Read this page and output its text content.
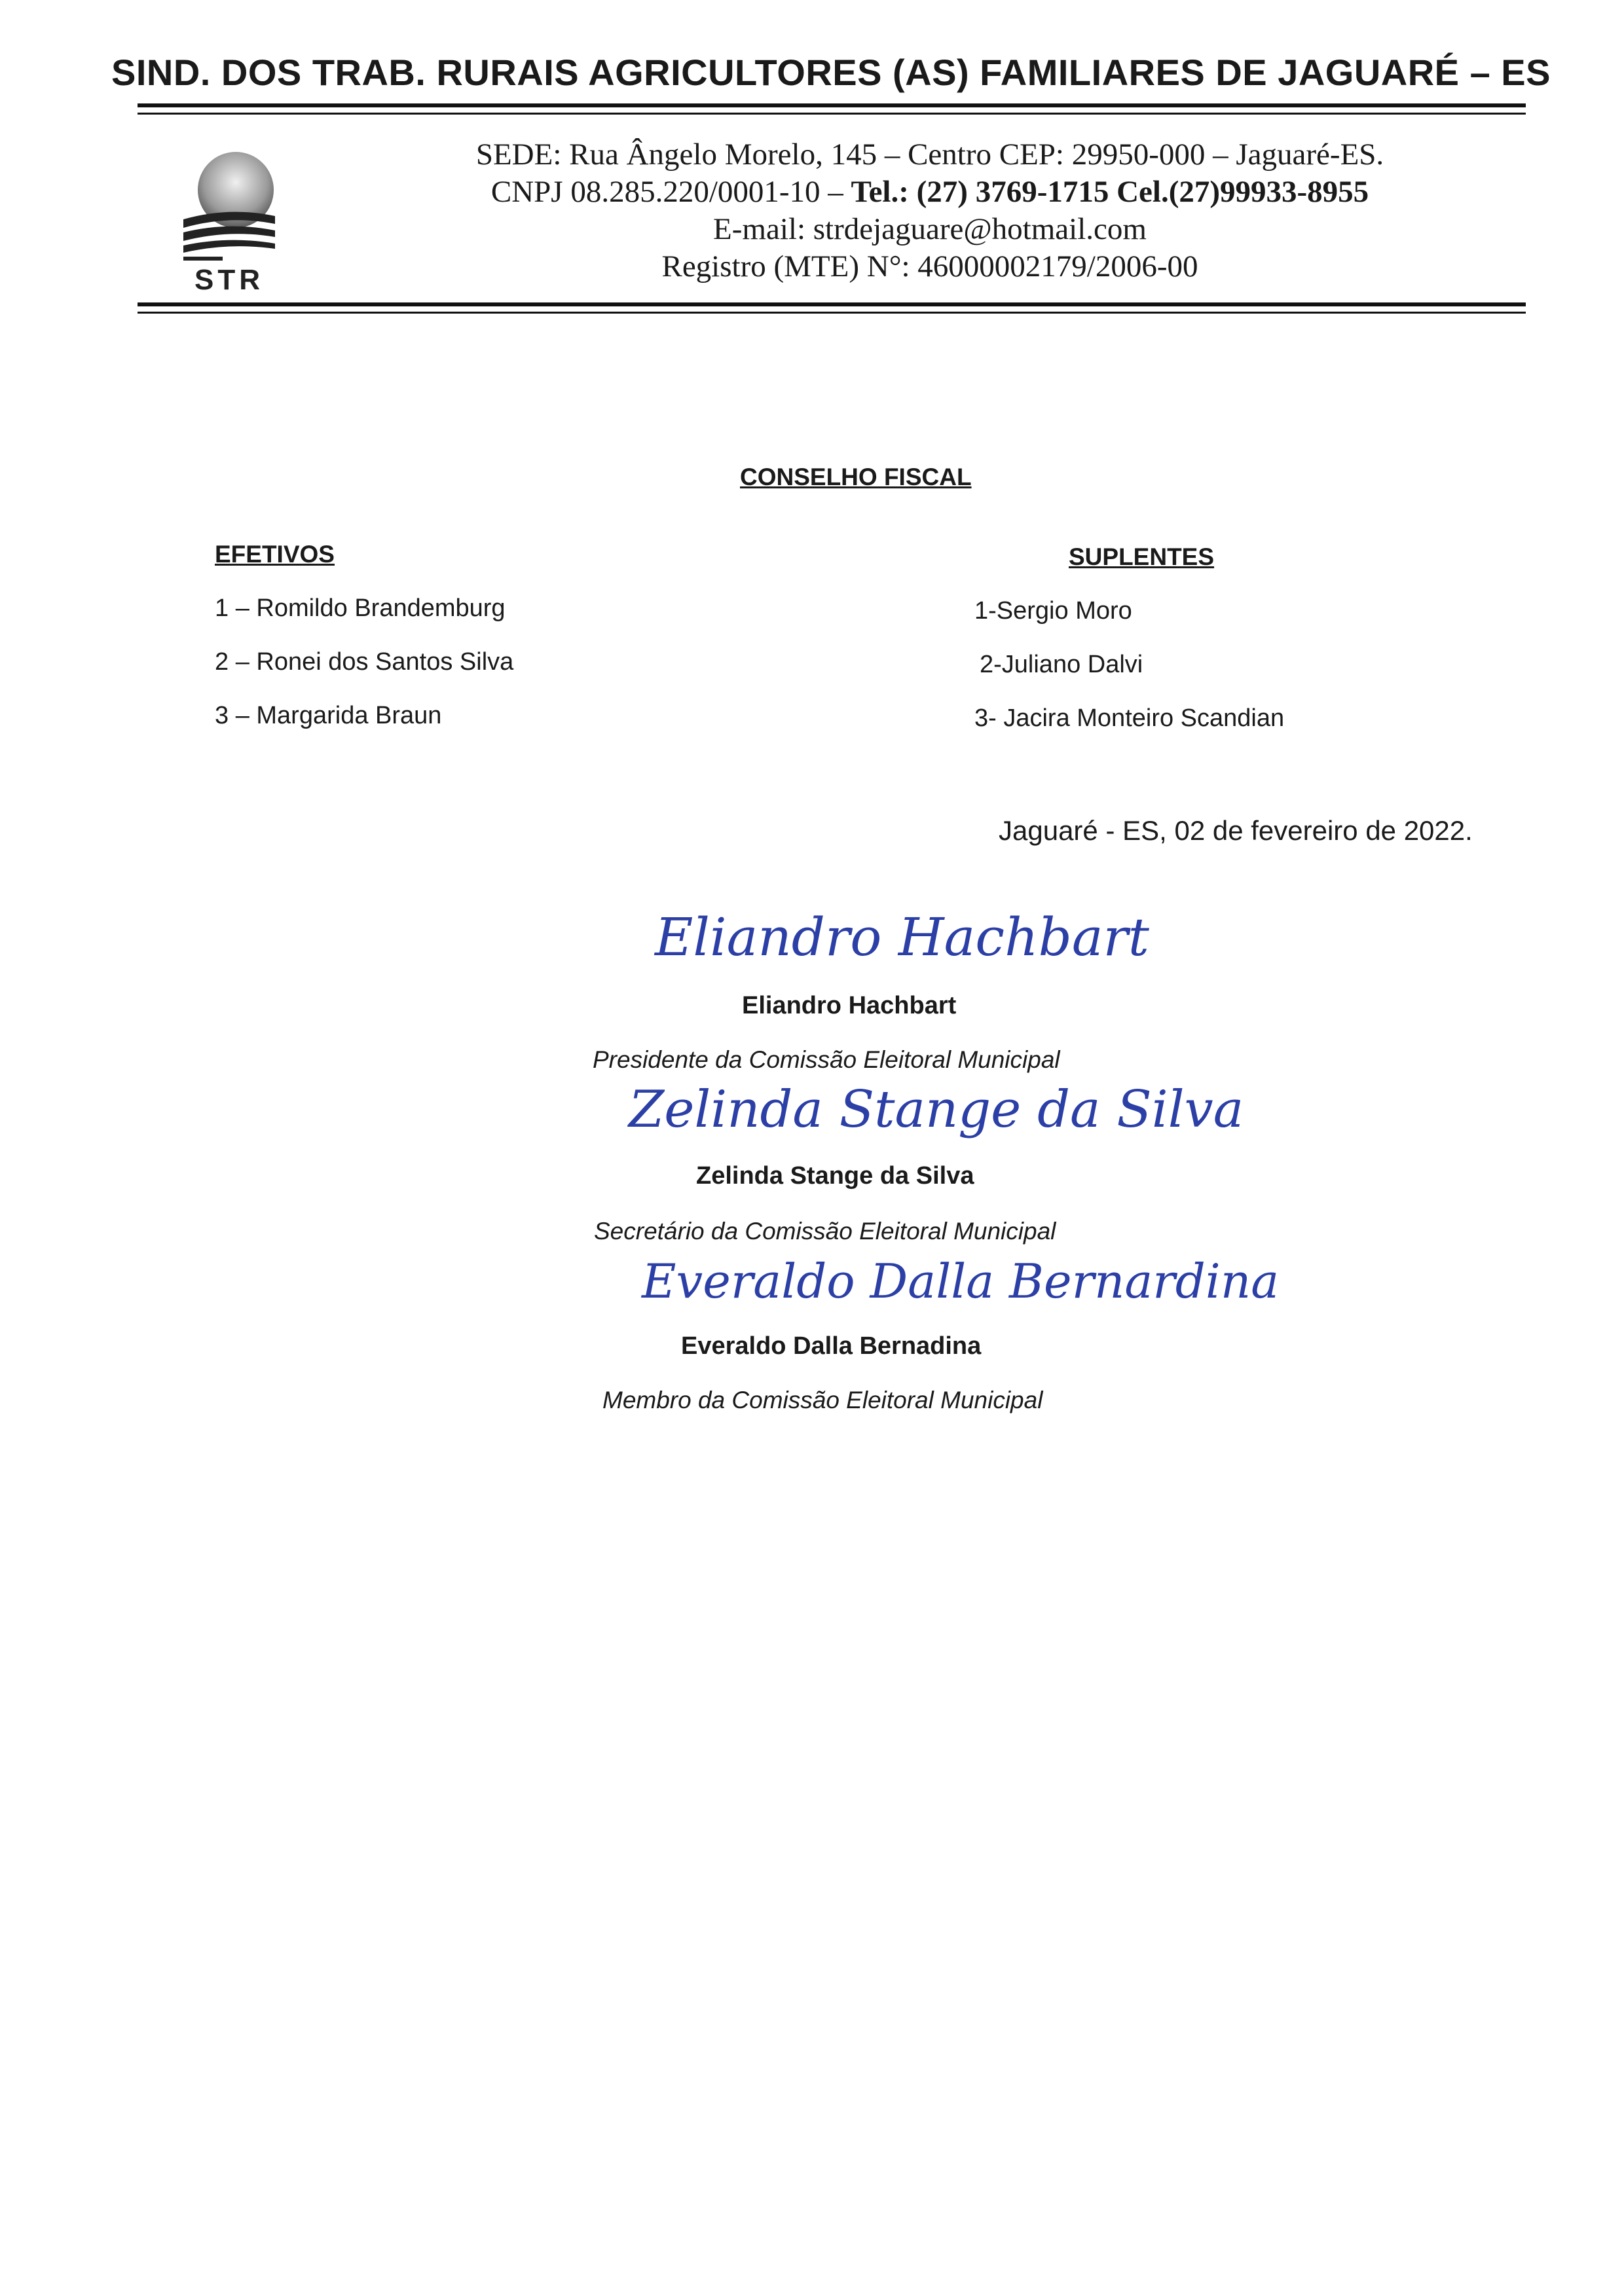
SIND. DOS TRAB. RURAIS AGRICULTORES (AS) FAMILIARES DE JAGUARÉ – ES
STR
SEDE: Rua Ângelo Morelo, 145 – Centro CEP: 29950-000 – Jaguaré-ES.
CNPJ 08.285.220/0001-10 – Tel.: (27) 3769-1715 Cel.(27)99933-8955
E-mail: strdejaguare@hotmail.com
Registro (MTE) N°: 46000002179/2006-00
CONSELHO FISCAL
EFETIVOS
1 – Romildo Brandemburg
2 – Ronei dos Santos Silva
3 – Margarida Braun
SUPLENTES
1-Sergio Moro
2-Juliano Dalvi
3- Jacira Monteiro Scandian
Jaguaré - ES, 02 de fevereiro de 2022.
Eliandro Hachbart
Eliandro Hachbart
Presidente da Comissão Eleitoral Municipal
Zelinda Stange da Silva
Zelinda Stange da Silva
Secretário da Comissão Eleitoral Municipal
Everaldo Dalla Bernardina
Everaldo Dalla Bernadina
Membro da Comissão Eleitoral Municipal
